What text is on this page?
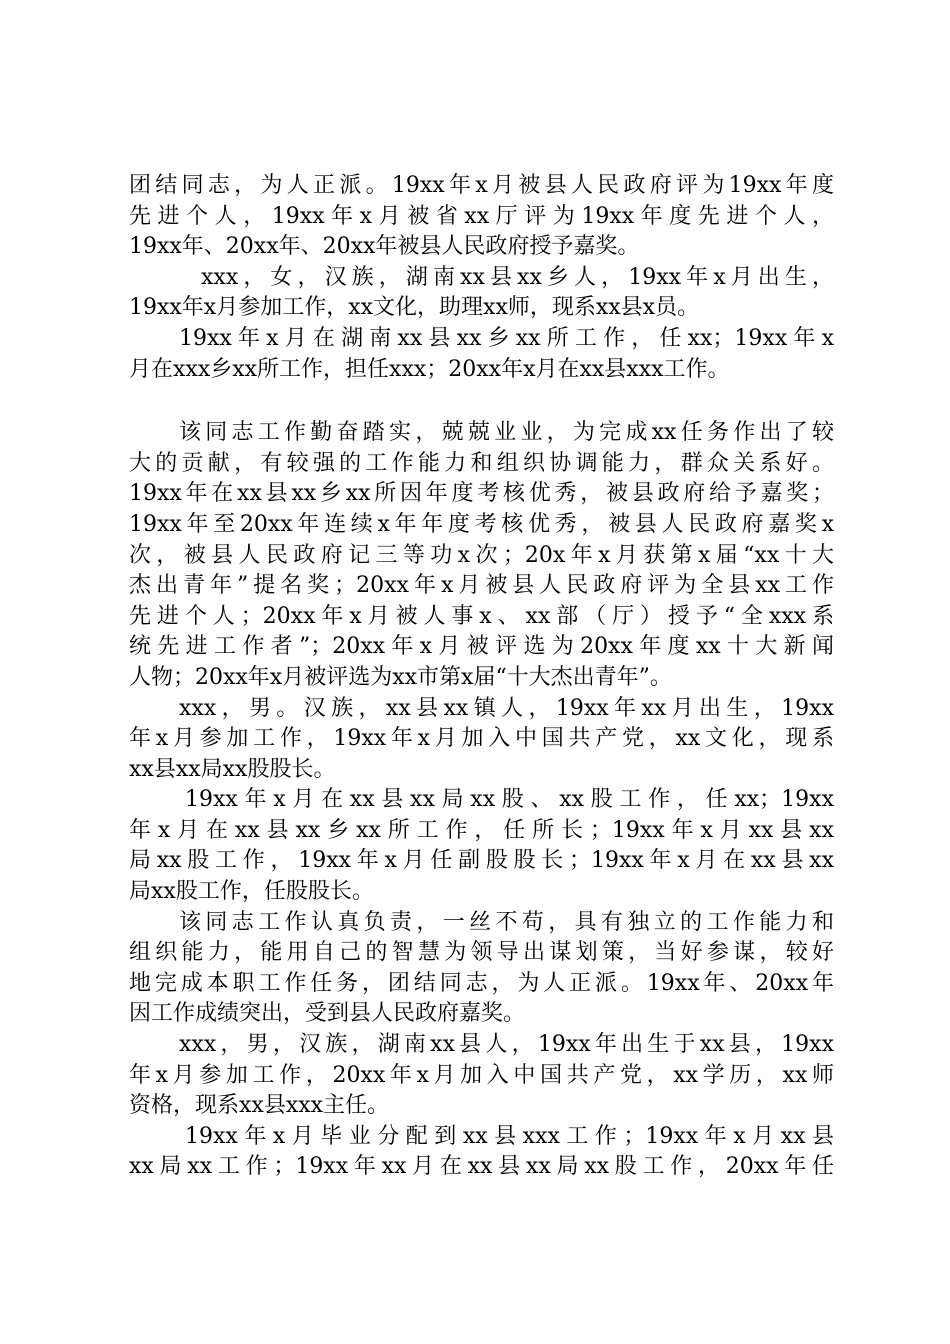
团结同志，为人正派。19xx年x月被县人民政府评为19xx年度
先进个人，19xx年x月被省xx厅评为19xx年度先进个人，
19xx年、20xx年、20xx年被县人民政府授予嘉奖。
xxx，女，汉族，湖南xx县xx乡人，19xx年x月出生，
19xx年x月参加工作，xx文化，助理xx师，现系xx县x员。
19xx年x月在湖南xx县xx乡xx所工作，任xx；19xx年x
月在xxx乡xx所工作，担任xxx；20xx年x月在xx县xxx工作。
该同志工作勤奋踏实，兢兢业业，为完成xx任务作出了较
大的贡献，有较强的工作能力和组织协调能力，群众关系好。
19xx年在xx县xx乡xx所因年度考核优秀，被县政府给予嘉奖；
19xx年至20xx年连续x年年度考核优秀，被县人民政府嘉奖x
次，被县人民政府记三等功x次；20x年x月获第x届“xx十大
杰出青年”提名奖；20xx年x月被县人民政府评为全县xx工作
先进个人；20xx年x月被人事x、xx部（厅）授予“全xxx系
统先进工作者”；20xx年x月被评选为20xx年度xx十大新闻
人物；20xx年x月被评选为xx市第x届“十大杰出青年”。
xxx，男。汉族，xx县xx镇人，19xx年xx月出生，19xx
年x月参加工作，19xx年x月加入中国共产党，xx文化，现系
xx县xx局xx股股长。
19xx年x月在xx县xx局xx股、xx股工作，任xx；19xx
年x月在xx县xx乡xx所工作，任所长；19xx年x月xx县xx
局xx股工作，19xx年x月任副股股长；19xx年x月在xx县xx
局xx股工作，任股股长。
该同志工作认真负责，一丝不苟，具有独立的工作能力和
组织能力，能用自己的智慧为领导出谋划策，当好参谋，较好
地完成本职工作任务，团结同志，为人正派。19xx年、20xx年
因工作成绩突出，受到县人民政府嘉奖。
xxx，男，汉族，湖南xx县人，19xx年出生于xx县，19xx
年x月参加工作，20xx年x月加入中国共产党，xx学历，xx师
资格，现系xx县xxx主任。
19xx年x月毕业分配到xx县xxx工作；19xx年x月xx县
xx局xx工作；19xx年xx月在xx县xx局xx股工作，20xx年任
